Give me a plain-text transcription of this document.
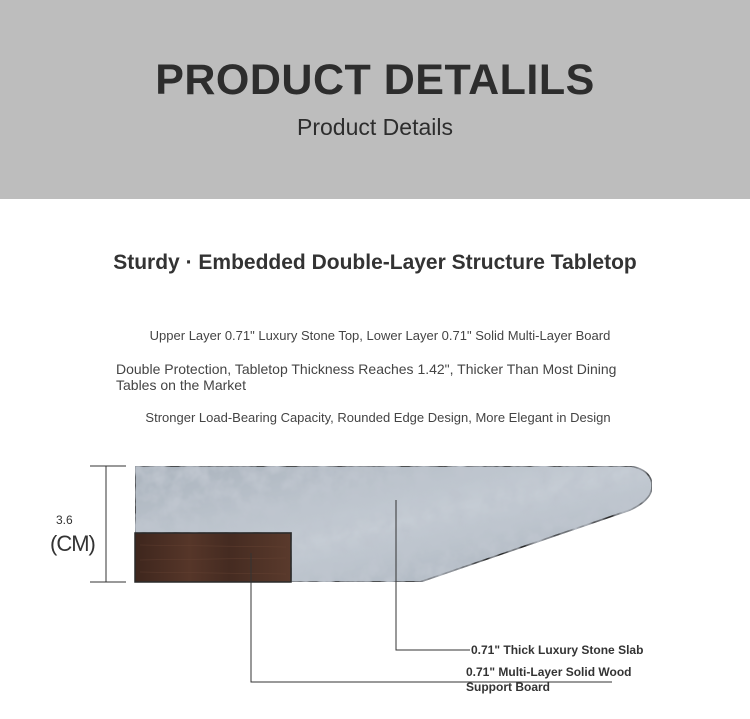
PRODUCT DETALILS
Product Details
Sturdy · Embedded Double-Layer Structure Tabletop
Upper Layer 0.71" Luxury Stone Top, Lower Layer 0.71" Solid Multi-Layer Board
Double Protection, Tabletop Thickness Reaches 1.42", Thicker Than Most Dining Tables on the Market
Stronger Load-Bearing Capacity, Rounded Edge Design, More Elegant in Design
3.6
(CM)
0.71" Thick Luxury Stone Slab
0.71" Multi-Layer Solid Wood Support Board
